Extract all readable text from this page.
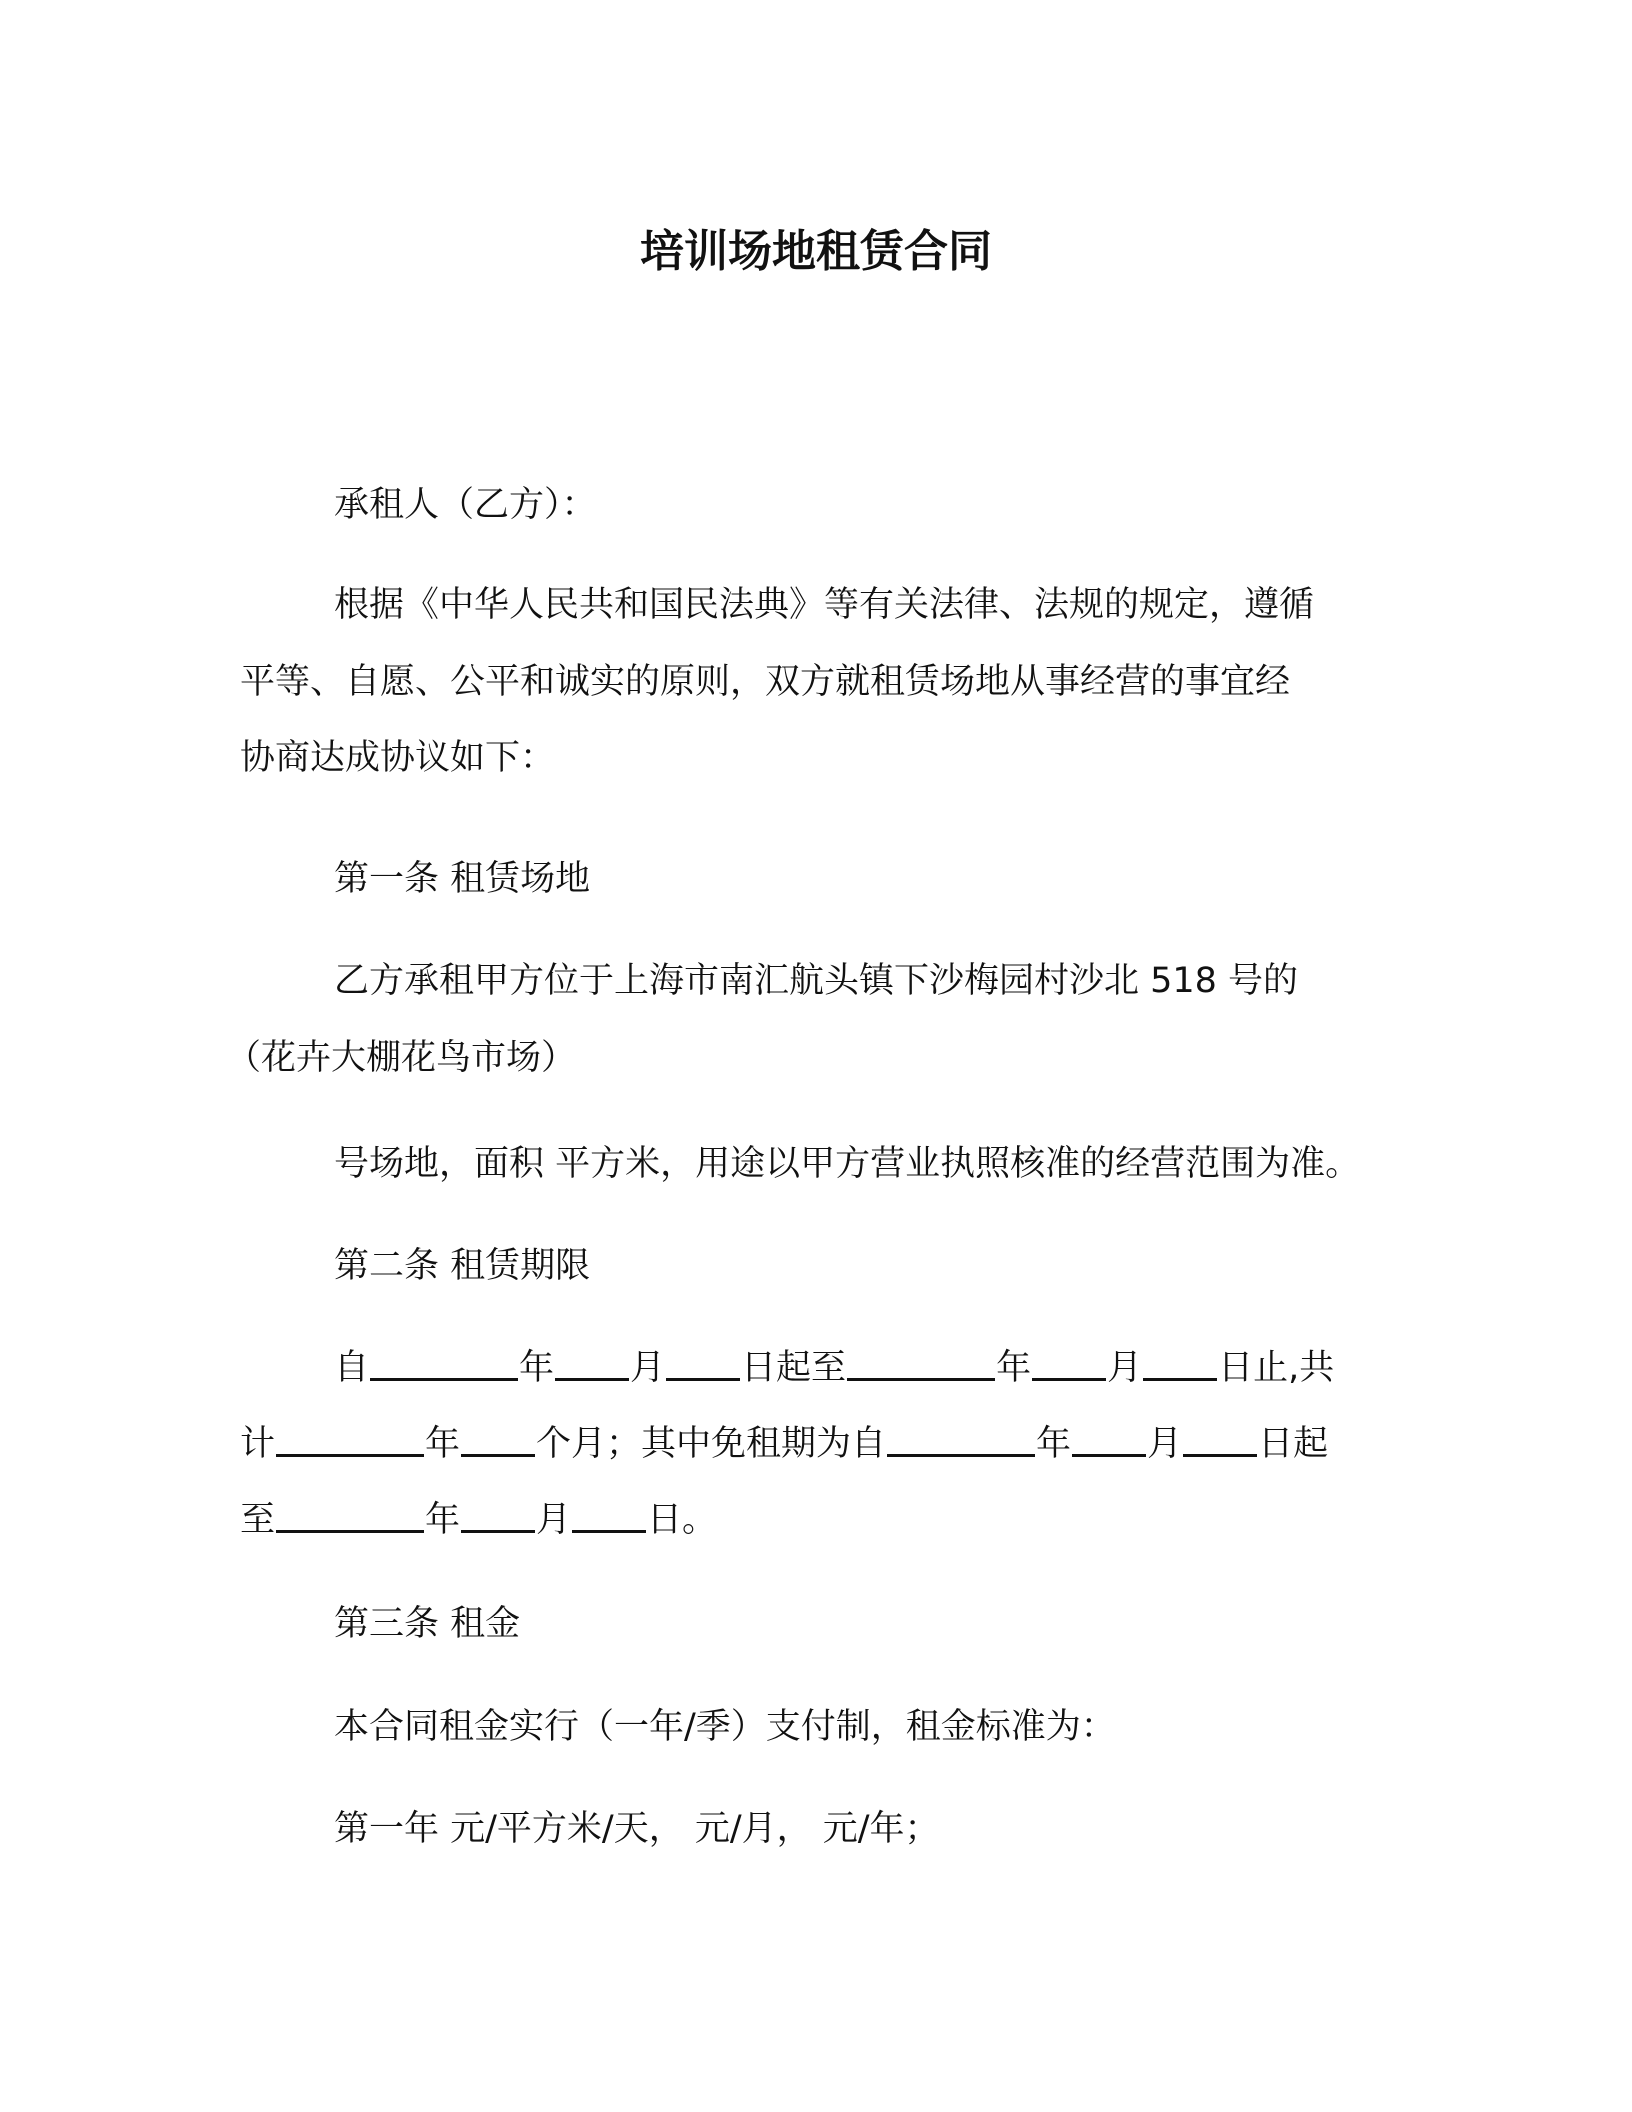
培训场地租赁合同
承租人（乙方）：
根据《中华人民共和国民法典》等有关法律、法规的规定，遵循
平等、自愿、公平和诚实的原则，双方就租赁场地从事经营的事宜经
协商达成协议如下：
第一条 租赁场地
乙方承租甲方位于上海市南汇航头镇下沙梅园村沙北 518 号的
（花卉大棚花鸟市场）
号场地，面积 平方米，用途以甲方营业执照核准的经营范围为准。
第二条 租赁期限
自	年 月 日起至	年 月 日止,共
计	年 个月；其中免租期为自	年 月 日起
至	年 月 日。
第三条 租金
本合同租金实行（一年/季）支付制，租金标准为：
第一年 元/平方米/天， 元/月， 元/年；
